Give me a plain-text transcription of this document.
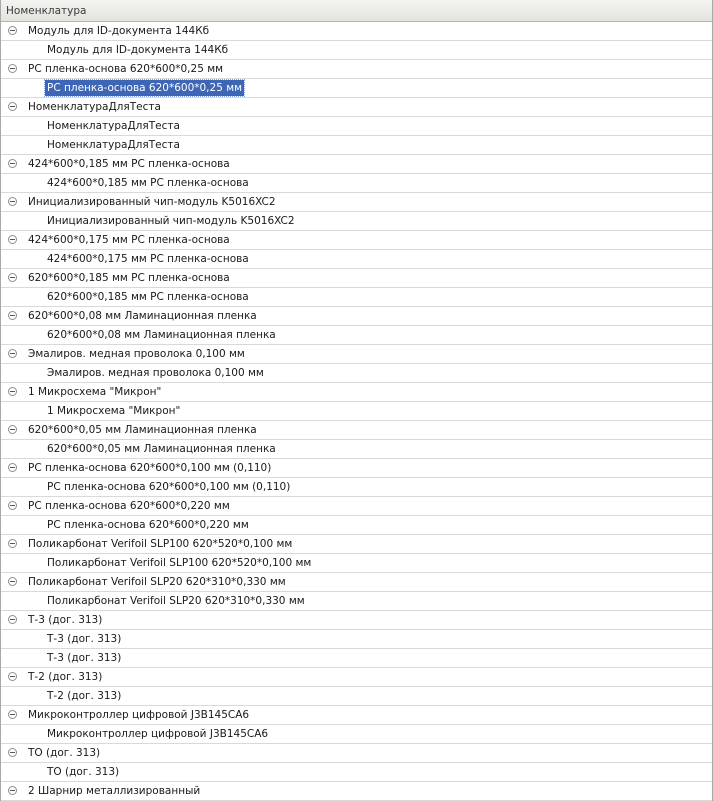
Номенклатура
Модуль для ID-документа 144Кб
Модуль для ID-документа 144Кб
PC пленка-основа 620*600*0,25 мм
PC пленка-основа 620*600*0,25 мм
НоменклатураДляТеста
НоменклатураДляТеста
НоменклатураДляТеста
424*600*0,185 мм PC пленка-основа
424*600*0,185 мм PC пленка-основа
Инициализированный чип-модуль K5016XC2
Инициализированный чип-модуль K5016XC2
424*600*0,175 мм PC пленка-основа
424*600*0,175 мм PC пленка-основа
620*600*0,185 мм PC пленка-основа
620*600*0,185 мм PC пленка-основа
620*600*0,08 мм Ламинационная пленка
620*600*0,08 мм Ламинационная пленка
Эмалиров. медная проволока 0,100 мм
Эмалиров. медная проволока 0,100 мм
1 Микросхема "Микрон"
1 Микросхема "Микрон"
620*600*0,05 мм Ламинационная пленка
620*600*0,05 мм Ламинационная пленка
PC пленка-основа 620*600*0,100 мм (0,110)
PC пленка-основа 620*600*0,100 мм (0,110)
PC пленка-основа 620*600*0,220 мм
PC пленка-основа 620*600*0,220 мм
Поликарбонат Verifoil SLP100 620*520*0,100 мм
Поликарбонат Verifoil SLP100 620*520*0,100 мм
Поликарбонат Verifoil SLP20 620*310*0,330 мм
Поликарбонат Verifoil SLP20 620*310*0,330 мм
Т-3 (дог. 313)
Т-3 (дог. 313)
Т-3 (дог. 313)
Т-2 (дог. 313)
Т-2 (дог. 313)
Микроконтроллер цифровой J3B145CA6
Микроконтроллер цифровой J3B145CA6
ТО (дог. 313)
ТО (дог. 313)
2 Шарнир металлизированный
